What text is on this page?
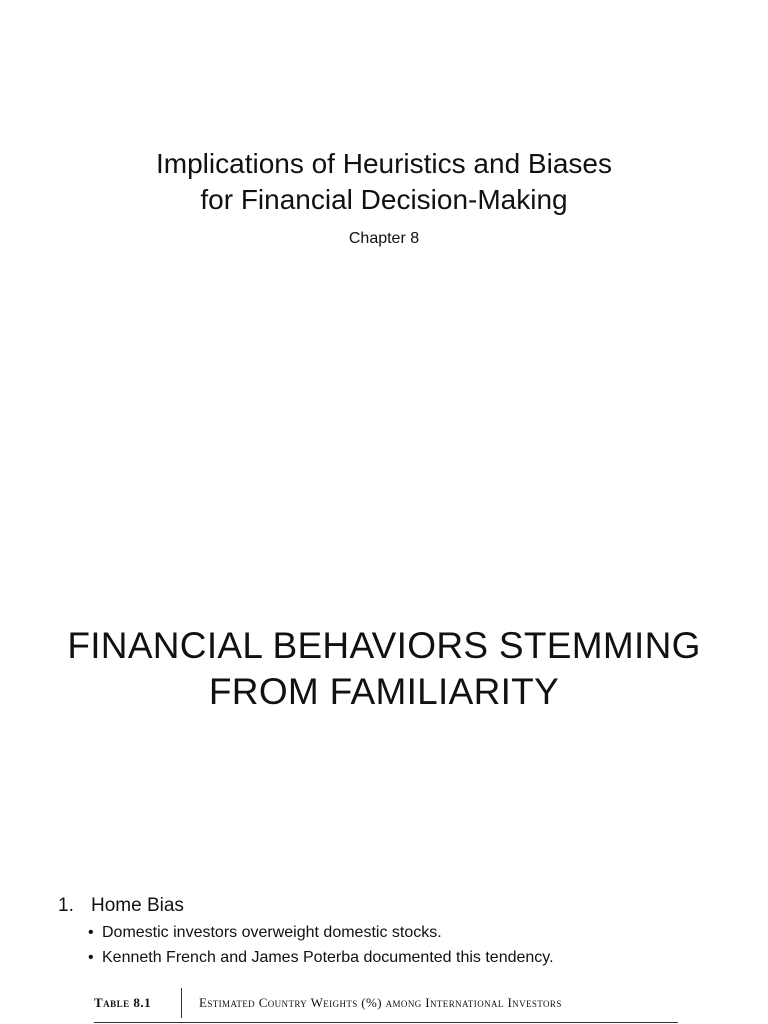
Implications of Heuristics and Biases
for Financial Decision-Making
Chapter 8
FINANCIAL BEHAVIORS STEMMING
FROM FAMILIARITY
1. Home Bias
• Domestic investors overweight domestic stocks.
• Kenneth French and James Poterba documented this tendency.
Table 8.1	Estimated Country Weights (%) among International Investors
